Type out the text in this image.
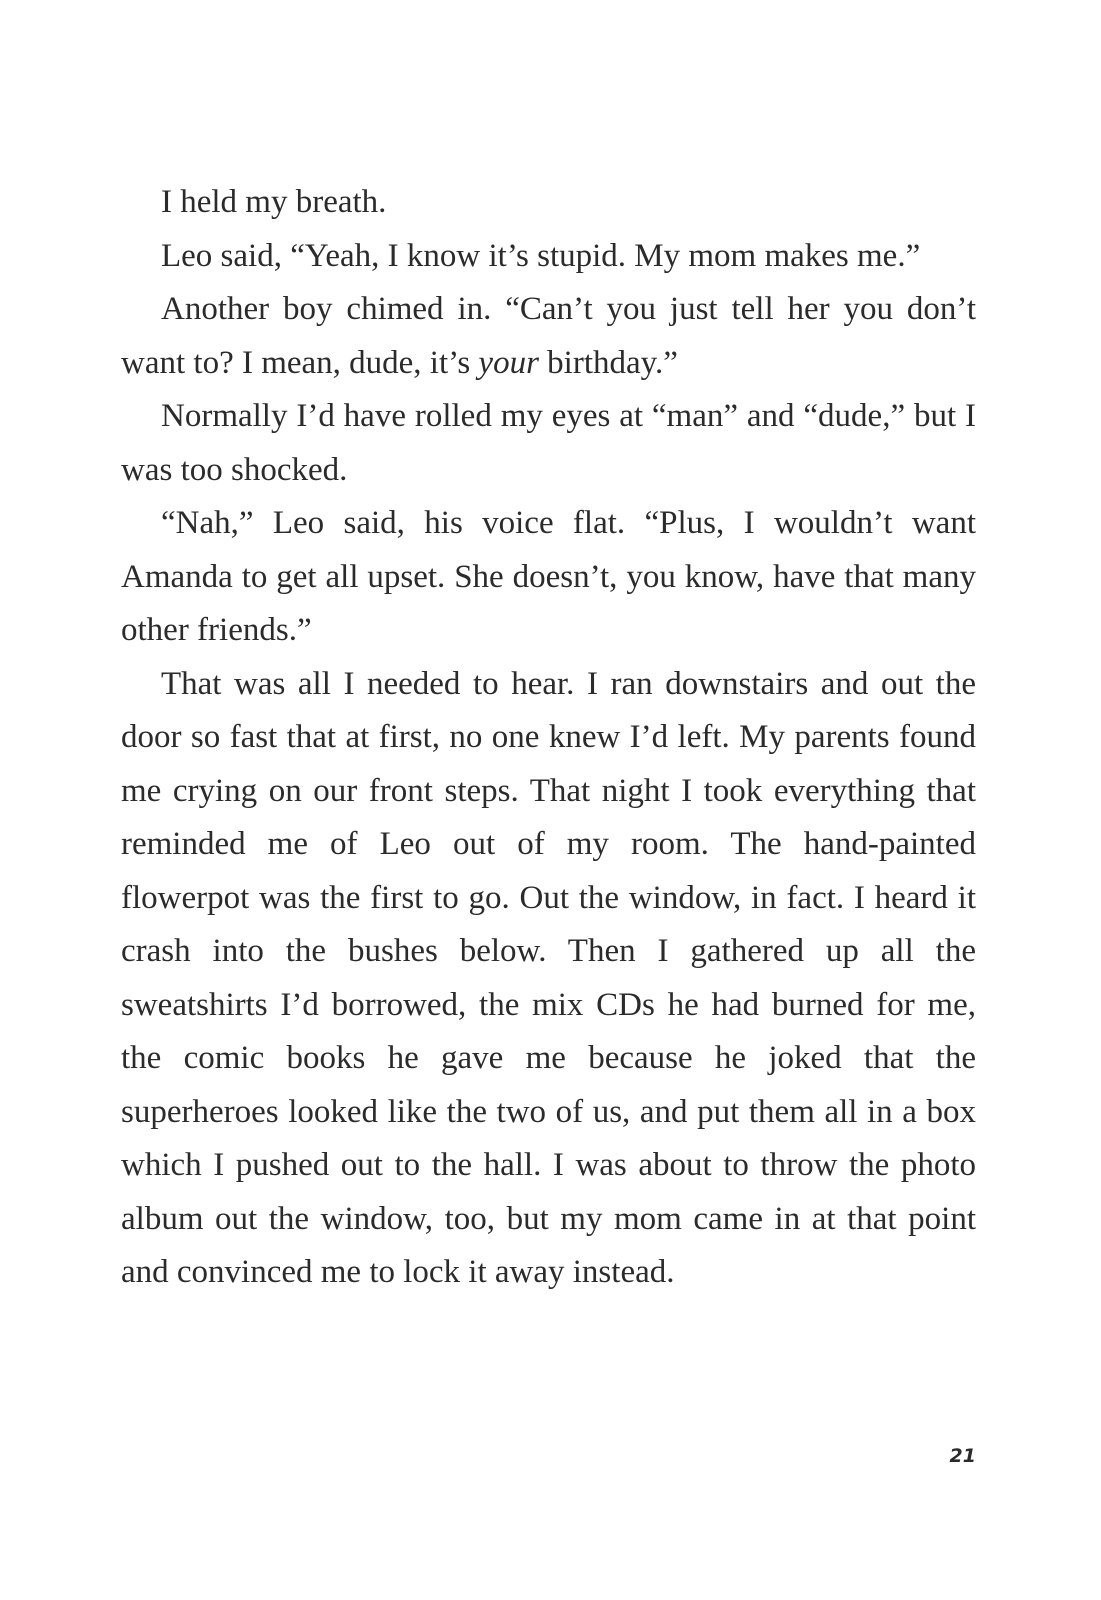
I held my breath.

Leo said, “Yeah, I know it’s stupid. My mom makes me.”

Another boy chimed in. “Can’t you just tell her you don’t want to? I mean, dude, it’s your birthday.”

Normally I’d have rolled my eyes at “man” and “dude,” but I was too shocked.

“Nah,” Leo said, his voice flat. “Plus, I wouldn’t want Amanda to get all upset. She doesn’t, you know, have that many other friends.”

That was all I needed to hear. I ran downstairs and out the door so fast that at first, no one knew I’d left. My parents found me crying on our front steps. That night I took everything that reminded me of Leo out of my room. The hand-painted flowerpot was the first to go. Out the window, in fact. I heard it crash into the bushes below. Then I gathered up all the sweatshirts I’d borrowed, the mix CDs he had burned for me, the comic books he gave me because he joked that the superheroes looked like the two of us, and put them all in a box which I pushed out to the hall. I was about to throw the photo album out the window, too, but my mom came in at that point and convinced me to lock it away instead.

21
